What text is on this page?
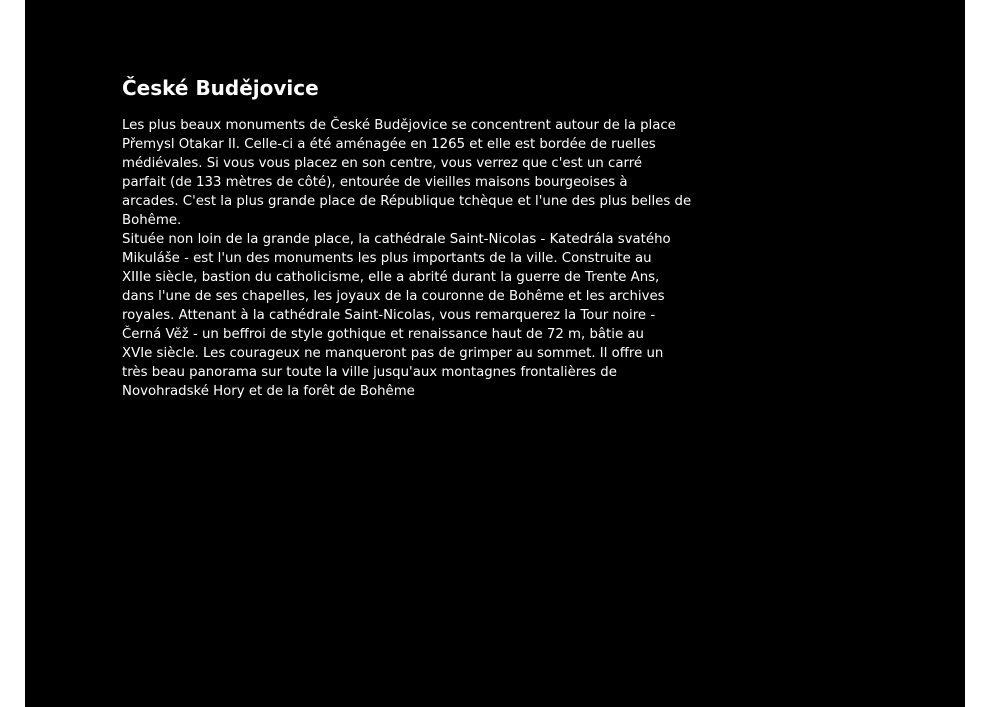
České Budějovice
Les plus beaux monuments de České Budějovice se concentrent autour de la place
Přemysl Otakar II. Celle-ci a été aménagée en 1265 et elle est bordée de ruelles
médiévales. Si vous vous placez en son centre, vous verrez que c'est un carré
parfait (de 133 mètres de côté), entourée de vieilles maisons bourgeoises à
arcades. C'est la plus grande place de République tchèque et l'une des plus belles de
Bohême.
Située non loin de la grande place, la cathédrale Saint-Nicolas - Katedrála svatého
Mikuláše - est l'un des monuments les plus importants de la ville. Construite au
XIIIe siècle, bastion du catholicisme, elle a abrité durant la guerre de Trente Ans,
dans l'une de ses chapelles, les joyaux de la couronne de Bohême et les archives
royales. Attenant à la cathédrale Saint-Nicolas, vous remarquerez la Tour noire -
Černá Věž - un beffroi de style gothique et renaissance haut de 72 m, bâtie au
XVIe siècle. Les courageux ne manqueront pas de grimper au sommet. Il offre un
très beau panorama sur toute la ville jusqu'aux montagnes frontalières de
Novohradské Hory et de la forêt de Bohême
